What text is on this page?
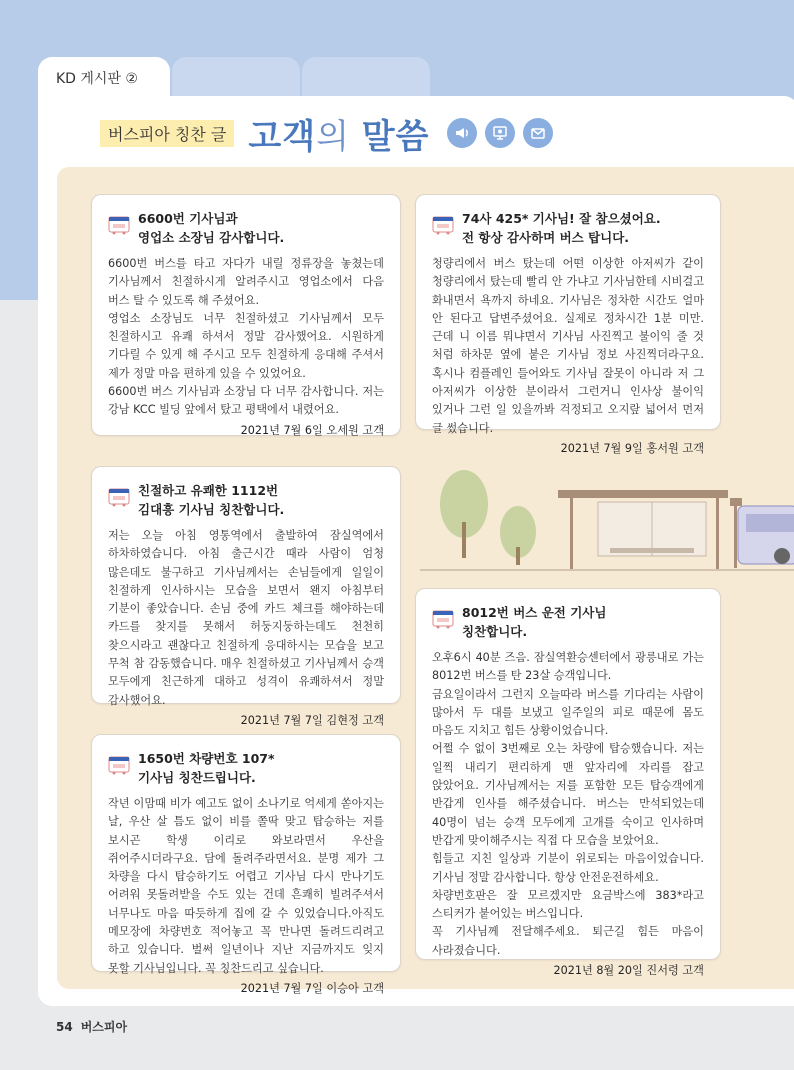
KD 게시판 ②
버스피아 칭찬 글 고객의 말씀
6600번 기사님과
영업소 소장님 감사합니다.

6600번 버스를 타고 자다가 내릴 정류장을 놓쳤는데 기사님께서 친절하시게 알려주시고 영업소에서 다음 버스 탈 수 있도록 해 주셨어요.

영업소 소장님도 너무 친절하셨고 기사님께서 모두 친절하시고 유쾌 하셔서 정말 감사했어요. 시원하게 기다릴 수 있게 해 주시고 모두 친절하게 응대해 주셔서 제가 정말 마음 편하게 있을 수 있었어요.

6600번 버스 기사님과 소장님 다 너무 감사합니다. 저는 강남 KCC 빌딩 앞에서 탔고 평택에서 내렸어요.

2021년 7월 6일 오세원 고객
74사 425* 기사님! 잘 참으셨어요.
전 항상 감사하며 버스 탑니다.

청량리에서 버스 탔는데 어떤 이상한 아저씨가 같이 청량리에서 탔는데 빨리 안 가냐고 기사님한테 시비걸고 화내면서 욕까지 하네요. 기사님은 정차한 시간도 얼마 안 된다고 답변주셨어요. 실제로 정차시간 1분 미만. 근데 니 이름 뭐냐면서 기사님 사진찍고 불이익 줄 것 처럼 하차문 옆에 붙은 기사님 정보 사진찍더라구요. 혹시나 컴플레인 들어와도 기사님 잘못이 아니라 저 그 아저씨가 이상한 분이라서 그런거니 인사상 불이익 있거나 그런 일 있을까봐 걱정되고 오지랖 넓어서 먼저 글 썼습니다.

2021년 7월 9일 홍서원 고객
친절하고 유쾌한 1112번
김대흥 기사님 칭찬합니다.

저는 오늘 아침 영통역에서 출발하여 잠실역에서 하차하였습니다. 아침 출근시간 때라 사람이 엄청 많은데도 불구하고 기사님께서는 손님들에게 일일이 친절하게 인사하시는 모습을 보면서 왠지 아침부터 기분이 좋았습니다. 손님 중에 카드 체크를 해야하는데 카드를 찾지를 못해서 허둥지둥하는데도 천천히 찾으시라고 괜찮다고 친절하게 응대하시는 모습을 보고 무척 참 감동했습니다. 매우 친절하셨고 기사님께서 승객 모두에게 친근하게 대하고 성격이 유쾌하셔서 정말 감사했어요.

2021년 7월 7일 김현정 고객
1650번 차량번호 107*
기사님 칭찬드립니다.

작년 이맘때 비가 예고도 없이 소나기로 억세게 쏟아지는 날, 우산 살 틈도 없이 비를 쫄딱 맞고 탑승하는 저를 보시곤 학생 이리로 와보라면서 우산을 쥐어주시더라구요. 담에 돌려주라면서요. 분명 제가 그 차량을 다시 탑승하기도 어렵고 기사님 다시 만나기도 어려워 못돌려받을 수도 있는 건데 흔쾌히 빌려주셔서 너무나도 마음 따듯하게 집에 갈 수 있었습니다.아직도 메모장에 차량번호 적어놓고 꼭 만나면 돌려드리려고 하고 있습니다. 벌써 일년이나 지난 지금까지도 잊지 못할 기사님입니다. 꼭 칭찬드리고 싶습니다.

2021년 7월 7일 이승아 고객
8012번 버스 운전 기사님
칭찬합니다.

오후6시 40분 즈음. 잠실역환승센터에서 광릉내로 가는 8012번 버스를 탄 23살 승객입니다.

금요일이라서 그런지 오늘따라 버스를 기다리는 사람이 많아서 두 대를 보냈고 일주일의 피로 때문에 몸도 마음도 지치고 힘든 상황이었습니다.

어쩔 수 없이 3번째로 오는 차량에 탑승했습니다. 저는 일찍 내리기 편리하게 맨 앞자리에 자리를 잡고 앉았어요. 기사님께서는 저를 포함한 모든 탑승객에게 반갑게 인사를 해주셨습니다. 버스는 만석되었는데 40명이 넘는 승객 모두에게 고개를 숙이고 인사하며 반갑게 맞이해주시는 직접 다 모습을 보았어요.

힘들고 지친 일상과 기분이 위로되는 마음이었습니다. 기사님 정말 감사합니다. 항상 안전운전하세요.

차량번호판은 잘 모르겠지만 요금박스에 383*라고 스티커가 붙어있는 버스입니다.

꼭 기사님께 전달해주세요. 퇴근길 힘든 마음이 사라졌습니다.

2021년 8월 20일 진서령 고객
54 버스피아
